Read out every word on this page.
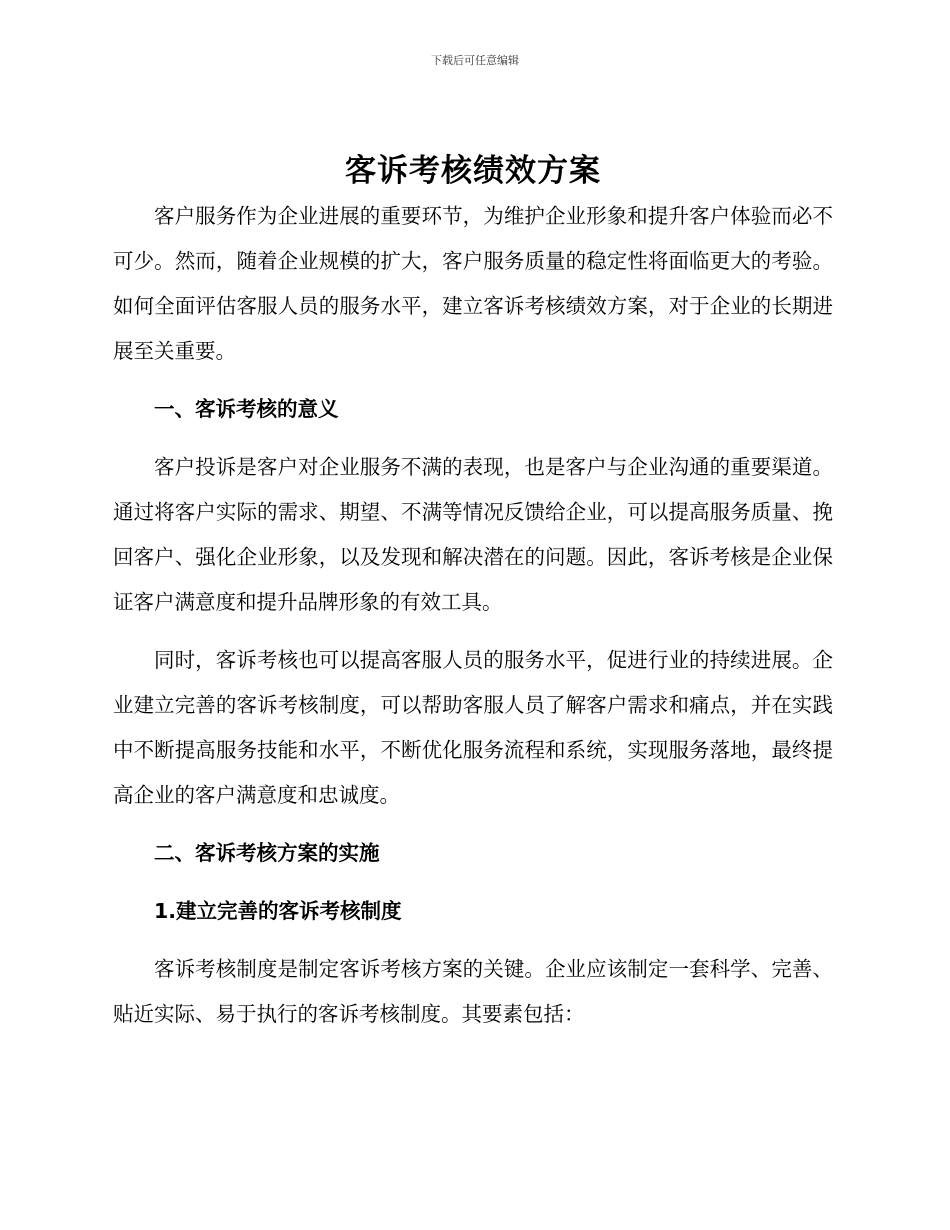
下载后可任意编辑
客诉考核绩效方案

客户服务作为企业进展的重要环节，为维护企业形象和提升客户体验而必不可少。然而，随着企业规模的扩大，客户服务质量的稳定性将面临更大的考验。如何全面评估客服人员的服务水平，建立客诉考核绩效方案，对于企业的长期进展至关重要。

一、客诉考核的意义

客户投诉是客户对企业服务不满的表现，也是客户与企业沟通的重要渠道。通过将客户实际的需求、期望、不满等情况反馈给企业，可以提高服务质量、挽回客户、强化企业形象，以及发现和解决潜在的问题。因此，客诉考核是企业保证客户满意度和提升品牌形象的有效工具。

同时，客诉考核也可以提高客服人员的服务水平，促进行业的持续进展。企业建立完善的客诉考核制度，可以帮助客服人员了解客户需求和痛点，并在实践中不断提高服务技能和水平，不断优化服务流程和系统，实现服务落地，最终提高企业的客户满意度和忠诚度。

二、客诉考核方案的实施
1.建立完善的客诉考核制度

客诉考核制度是制定客诉考核方案的关键。企业应该制定一套科学、完善、贴近实际、易于执行的客诉考核制度。其要素包括：
